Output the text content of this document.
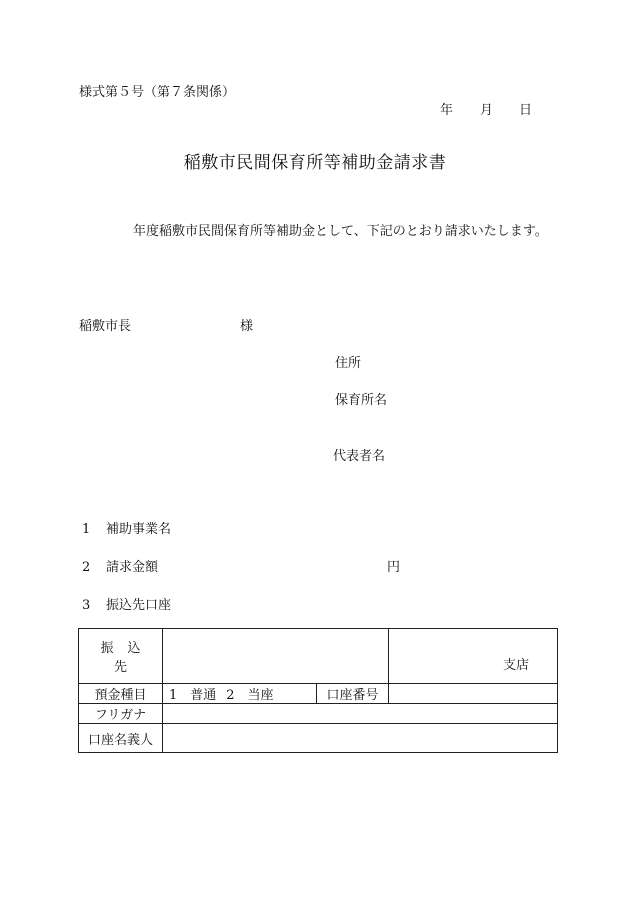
様式第５号（第７条関係）
年 月 日
稲敷市民間保育所等補助金請求書
年度稲敷市民間保育所等補助金として、下記のとおり請求いたします。
稲敷市長	様
住所
保育所名
代表者名
1 補助事業名
2 請求金額	円
3 振込先口座
振 込先			支店
預金種目	1　普通 2　当座	口座番号	
フリガナ			
口座名義人			
